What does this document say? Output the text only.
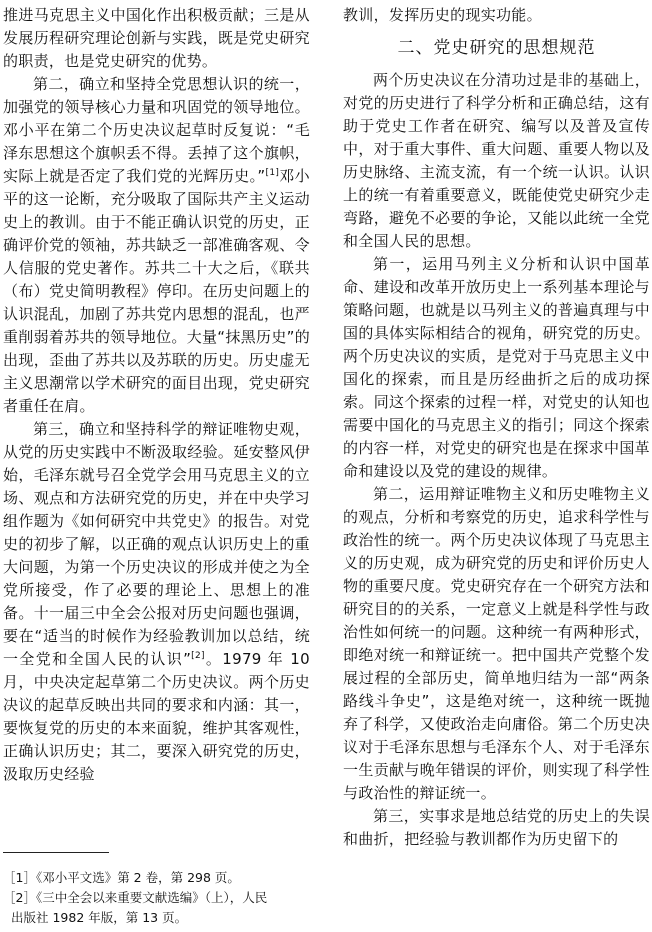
推进马克思主义中国化作出积极贡献；三是从发展历程研究理论创新与实践，既是党史研究的职责，也是党史研究的优势。

第二，确立和坚持全党思想认识的统一，加强党的领导核心力量和巩固党的领导地位。邓小平在第二个历史决议起草时反复说：“毛泽东思想这个旗帜丢不得。丢掉了这个旗帜，实际上就是否定了我们党的光辉历史。”[1]邓小平的这一论断，充分吸取了国际共产主义运动史上的教训。由于不能正确认识党的历史，正确评价党的领袖，苏共缺乏一部准确客观、令人信服的党史著作。苏共二十大之后，《联共（布）党史简明教程》停印。在历史问题上的认识混乱，加剧了苏共党内思想的混乱，也严重削弱着苏共的领导地位。大量“抹黑历史”的出现，歪曲了苏共以及苏联的历史。历史虚无主义思潮常以学术研究的面目出现，党史研究者重任在肩。

第三，确立和坚持科学的辩证唯物史观，从党的历史实践中不断汲取经验。延安整风伊始，毛泽东就号召全党学会用马克思主义的立场、观点和方法研究党的历史，并在中央学习组作题为《如何研究中共党史》的报告。对党史的初步了解，以正确的观点认识历史上的重大问题，为第一个历史决议的形成并使之为全党所接受，作了必要的理论上、思想上的准备。十一届三中全会公报对历史问题也强调，要在“适当的时候作为经验教训加以总结，统一全党和全国人民的认识”[2]。1979 年 10 月，中央决定起草第二个历史决议。两个历史决议的起草反映出共同的要求和内涵：其一，要恢复党的历史的本来面貌，维护其客观性，正确认识历史；其二，要深入研究党的历史，汲取历史经验

教训，发挥历史的现实功能。

二、党史研究的思想规范

两个历史决议在分清功过是非的基础上，对党的历史进行了科学分析和正确总结，这有助于党史工作者在研究、编写以及普及宣传中，对于重大事件、重大问题、重要人物以及历史脉络、主流支流，有一个统一认识。认识上的统一有着重要意义，既能使党史研究少走弯路，避免不必要的争论，又能以此统一全党和全国人民的思想。

第一，运用马列主义分析和认识中国革命、建设和改革开放历史上一系列基本理论与策略问题，也就是以马列主义的普遍真理与中国的具体实际相结合的视角，研究党的历史。两个历史决议的实质，是党对于马克思主义中国化的探索，而且是历经曲折之后的成功探索。同这个探索的过程一样，对党史的认知也需要中国化的马克思主义的指引；同这个探索的内容一样，对党史的研究也是在探求中国革命和建设以及党的建设的规律。

第二，运用辩证唯物主义和历史唯物主义的观点，分析和考察党的历史，追求科学性与政治性的统一。两个历史决议体现了马克思主义的历史观，成为研究党的历史和评价历史人物的重要尺度。党史研究存在一个研究方法和研究目的的关系，一定意义上就是科学性与政治性如何统一的问题。这种统一有两种形式，即绝对统一和辩证统一。把中国共产党整个发展过程的全部历史，简单地归结为一部“两条路线斗争史”，这是绝对统一，这种统一既抛弃了科学，又使政治走向庸俗。第二个历史决议对于毛泽东思想与毛泽东个人、对于毛泽东一生贡献与晚年错误的评价，则实现了科学性与政治性的辩证统一。

第三，实事求是地总结党的历史上的失误和曲折，把经验与教训都作为历史留下的

［1］《邓小平文选》第 2 卷，第 298 页。
［2］《三中全会以来重要文献选编》（上），人民
出版社 1982 年版，第 13 页。
